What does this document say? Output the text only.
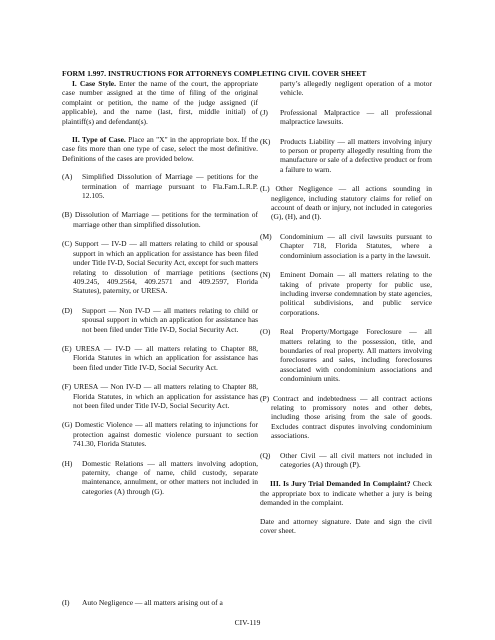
FORM 1.997. INSTRUCTIONS FOR ATTORNEYS COMPLETING CIVIL COVER SHEET

I. Case Style. Enter the name of the court, the appropriate case number assigned at the time of filing of the original complaint or petition, the name of the judge assigned (if applicable), and the name (last, first, middle initial) of plaintiff(s) and defendant(s).

II. Type of Case. Place an "X" in the appropriate box. If the case fits more than one type of case, select the most definitive. Definitions of the cases are provided below.

(A)	Simplified Dissolution of Marriage — petitions for the termination of marriage pursuant to Fla.Fam.L.R.P. 12.105.
(B) Dissolution of Marriage — petitions for the termination of marriage other than simplified dissolution.
(C) Support — IV-D — all matters relating to child or spousal support in which an application for assistance has been filed under Title IV-D, Social Security Act, except for such matters relating to dissolution of marriage petitions (sections 409.245, 409.2564, 409.2571 and 409.2597, Florida Statutes), paternity, or URESA.
(D)	Support — Non IV-D — all matters relating to child or spousal support in which an application for assistance has not been filed under Title IV-D, Social Security Act.
(E) URESA — IV-D — all matters relating to Chapter 88, Florida Statutes in which an application for assistance has been filed under Title IV-D, Social Security Act.
(F) URESA — Non IV-D — all matters relating to Chapter 88, Florida Statutes, in which an application for assistance has not been filed under Title IV-D, Social Security Act.
(G) Domestic Violence — all matters relating to injunctions for protection against domestic violence pursuant to section 741.30, Florida Statutes.
(H)	Domestic Relations — all matters involving adoption, paternity, change of name, child custody, separate maintenance, annulment, or other matters not included in categories (A) through (G).
(I)	Auto Negligence — all matters arising out of a
party’s allegedly negligent operation of a motor vehicle.
(J)	Professional Malpractice — all professional malpractice lawsuits.
(K)	Products Liability — all matters involving injury to person or property allegedly resulting from the manufacture or sale of a defective product or from a failure to warn.
(L) Other Negligence — all actions sounding in negligence, including statutory claims for relief on account of death or injury, not included in categories (G), (H), and (I).
(M)	Condominium — all civil lawsuits pursuant to Chapter 718, Florida Statutes, where a condominium association is a party in the lawsuit.
(N)	Eminent Domain — all matters relating to the taking of private property for public use, including inverse condemnation by state agencies, political subdivisions, and public service corporations.
(O)	Real Property/Mortgage Foreclosure — all matters relating to the possession, title, and boundaries of real property. All matters involving foreclosures and sales, including foreclosures associated with condominium associations and condominium units.
(P) Contract and indebtedness — all contract actions relating to promissory notes and other debts, including those arising from the sale of goods. Excludes contract disputes involving condominium associations.
(Q)	Other Civil — all civil matters not included in categories (A) through (P).

III. Is Jury Trial Demanded In Complaint? Check the appropriate box to indicate whether a jury is being demanded in the complaint.

Date and attorney signature. Date and sign the civil cover sheet.

CIV-119
